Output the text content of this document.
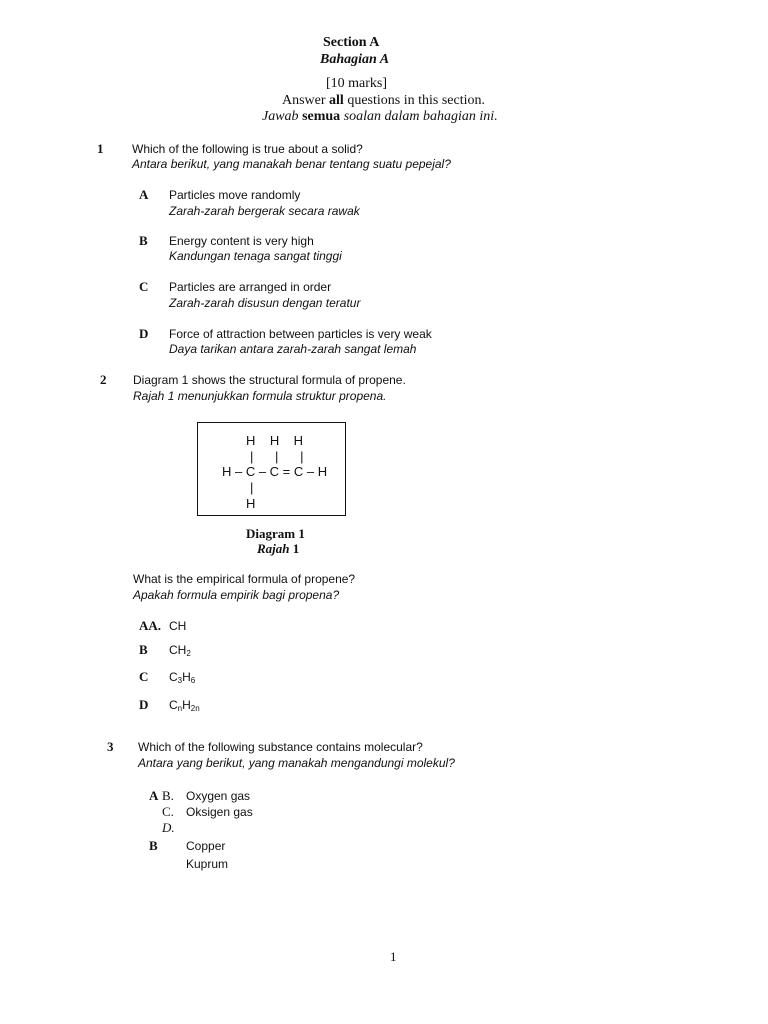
Section A
Bahagian A
[10 marks]
Answer all questions in this section.
Jawab semua soalan dalam bahagian ini.
1 Which of the following is true about a solid?
Antara berikut, yang manakah benar tentang suatu pepejal?
A Particles move randomly
Zarah-zarah bergerak secara rawak
B Energy content is very high
Kandungan tenaga sangat tinggi
C Particles are arranged in order
Zarah-zarah disusun dengan teratur
D Force of attraction between particles is very weak
Daya tarikan antara zarah-zarah sangat lemah
2 Diagram 1 shows the structural formula of propene.
Rajah 1 menunjukkan formula struktur propena.
H    H    H
|      |      |
H – C – C = C – H
|
H
Diagram 1
Rajah 1
What is the empirical formula of propene?
Apakah formula empirik bagi propena?
AA. CH
B $CH_2$
C $C_3H_6$
D $C_nH_{2n}$
3 Which of the following substance contains molecular?
Antara yang berikut, yang manakah mengandungi molekul?
A B. Oxygen gas
C. Oksigen gas
D.
B Copper
Kuprum
1
